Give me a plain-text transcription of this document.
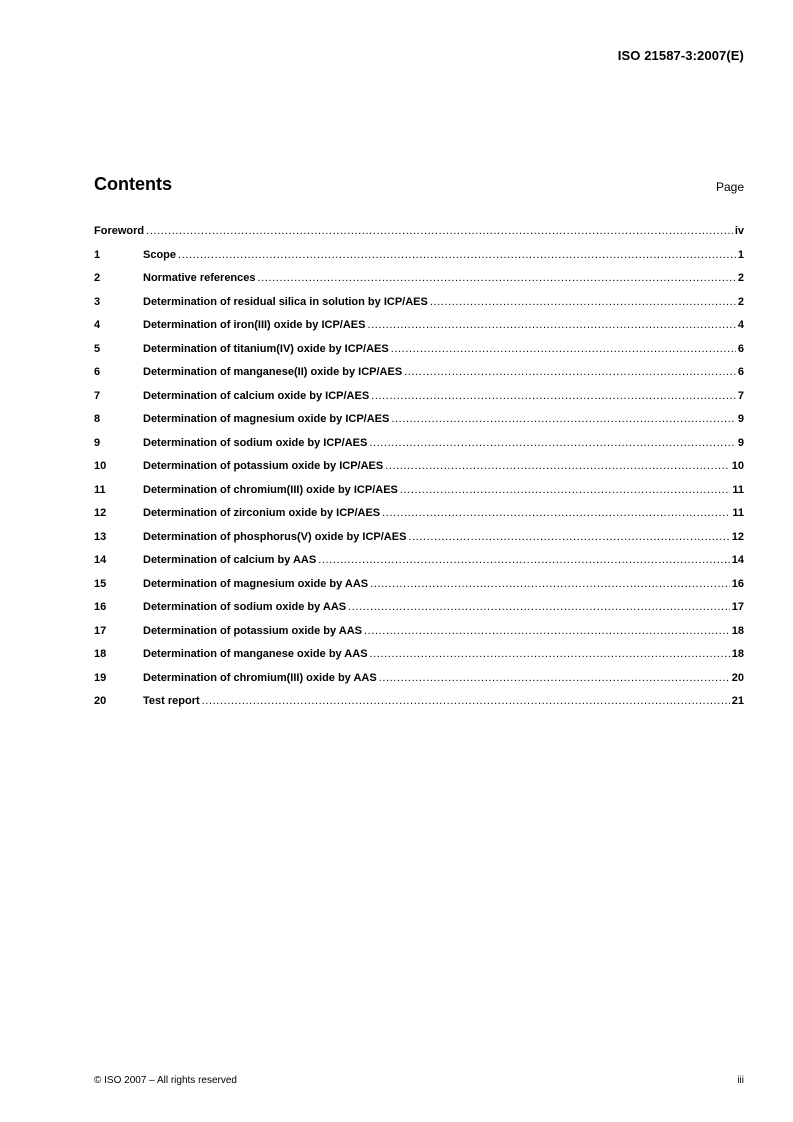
ISO 21587-3:2007(E)
Contents	Page
Foreword .....	iv
1	Scope .....	1
2	Normative references .....	2
3	Determination of residual silica in solution by ICP/AES .....	2
4	Determination of iron(III) oxide by ICP/AES .....	4
5	Determination of titanium(IV) oxide by ICP/AES .....	6
6	Determination of manganese(II) oxide by ICP/AES .....	6
7	Determination of calcium oxide by ICP/AES .....	7
8	Determination of magnesium oxide by ICP/AES .....	9
9	Determination of sodium oxide by ICP/AES .....	9
10	Determination of potassium oxide by ICP/AES .....	10
11	Determination of chromium(III) oxide by ICP/AES .....	11
12	Determination of zirconium oxide by ICP/AES .....	11
13	Determination of phosphorus(V) oxide by ICP/AES .....	12
14	Determination of calcium by AAS .....	14
15	Determination of magnesium oxide by AAS .....	16
16	Determination of sodium oxide by AAS .....	17
17	Determination of potassium oxide by AAS .....	18
18	Determination of manganese oxide by AAS .....	18
19	Determination of chromium(III) oxide by AAS .....	20
20	Test report .....	21
© ISO 2007 – All rights reserved	iii
